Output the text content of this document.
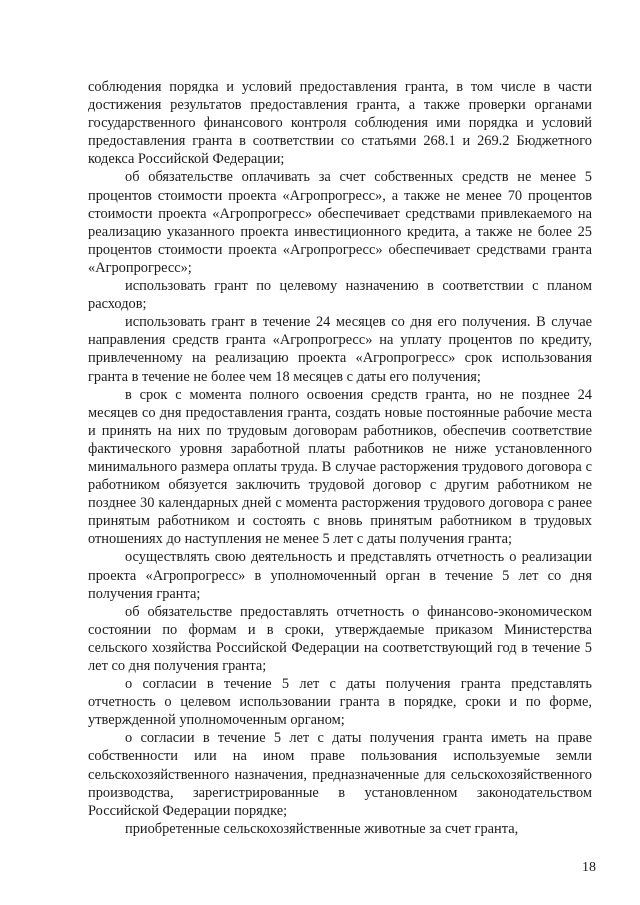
соблюдения порядка и условий предоставления гранта, в том числе в части достижения результатов предоставления гранта, а также проверки органами государственного финансового контроля соблюдения ими порядка и условий предоставления гранта в соответствии со статьями 268.1 и 269.2 Бюджетного кодекса Российской Федерации;

об обязательстве оплачивать за счет собственных средств не менее 5 процентов стоимости проекта «Агропрогресс», а также не менее 70 процентов стоимости проекта «Агропрогресс» обеспечивает средствами привлекаемого на реализацию указанного проекта инвестиционного кредита, а также не более 25 процентов стоимости проекта «Агропрогресс» обеспечивает средствами гранта «Агропрогресс»;

использовать грант по целевому назначению в соответствии с планом расходов;

использовать грант в течение 24 месяцев со дня его получения. В случае направления средств гранта «Агропрогресс» на уплату процентов по кредиту, привлеченному на реализацию проекта «Агропрогресс» срок использования гранта в течение не более чем 18 месяцев с даты его получения;

в срок с момента полного освоения средств гранта, но не позднее 24 месяцев со дня предоставления гранта, создать новые постоянные рабочие места и принять на них по трудовым договорам работников, обеспечив соответствие фактического уровня заработной платы работников не ниже установленного минимального размера оплаты труда. В случае расторжения трудового договора с работником обязуется заключить трудовой договор с другим работником не позднее 30 календарных дней с момента расторжения трудового договора с ранее принятым работником и состоять с вновь принятым работником в трудовых отношениях до наступления не менее 5 лет с даты получения гранта;

осуществлять свою деятельность и представлять отчетность о реализации проекта «Агропрогресс» в уполномоченный орган в течение 5 лет со дня получения гранта;

об обязательстве предоставлять отчетность о финансово-экономическом состоянии по формам и в сроки, утверждаемые приказом Министерства сельского хозяйства Российской Федерации на соответствующий год в течение 5 лет со дня получения гранта;

о согласии в течение 5 лет с даты получения гранта представлять отчетность о целевом использовании гранта в порядке, сроки и по форме, утвержденной уполномоченным органом;

о согласии в течение 5 лет с даты получения гранта иметь на праве собственности или на ином праве пользования используемые земли сельскохозяйственного назначения, предназначенные для сельскохозяйственного производства, зарегистрированные в установленном законодательством Российской Федерации порядке;

приобретенные сельскохозяйственные животные за счет гранта,

18
